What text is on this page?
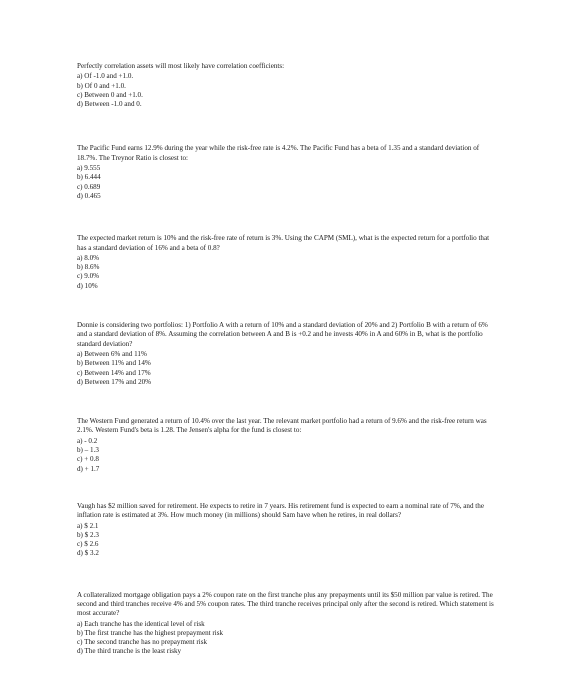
Perfectly correlation assets will most likely have correlation coefficients:

a) Of -1.0 and +1.0.
b) Of 0 and +1.0.
c) Between 0 and +1.0.
d) Between -1.0 and 0.

The Pacific Fund earns 12.9% during the year while the risk-free rate is 4.2%. The Pacific Fund has a beta of 1.35 and a standard deviation of 18.7%. The Treynor Ratio is closest to:

a) 9.555
b) 6.444
c) 0.689
d) 0.465

The expected market return is 10% and the risk-free rate of return is 3%. Using the CAPM (SML), what is the expected return for a portfolio that has a standard deviation of 16% and a beta of 0.8?

a) 8.0%
b) 8.6%
c) 9.0%
d) 10%

Donnie is considering two portfolios: 1) Portfolio A with a return of 10% and a standard deviation of 20% and 2) Portfolio B with a return of 6% and a standard deviation of 8%. Assuming the correlation between A and B is +0.2 and he invests 40% in A and 60% in B, what is the portfolio standard deviation?

a) Between 6% and 11%
b) Between 11% and 14%
c) Between 14% and 17%
d) Between 17% and 20%

The Western Fund generated a return of 10.4% over the last year. The relevant market portfolio had a return of 9.6% and the risk-free return was 2.1%. Western Fund's beta is 1.28. The Jensen's alpha for the fund is closest to:

a) - 0.2
b) – 1.3
c) + 0.8
d) + 1.7

Vaugh has $2 million saved for retirement. He expects to retire in 7 years. His retirement fund is expected to earn a nominal rate of 7%, and the inflation rate is estimated at 3%. How much money (in millions) should Sam have when he retires, in real dollars?

a) $ 2.1
b) $ 2.3
c) $ 2.6
d) $ 3.2

A collateralized mortgage obligation pays a 2% coupon rate on the first tranche plus any prepayments until its $50 million par value is retired. The second and third tranches receive 4% and 5% coupon rates. The third tranche receives principal only after the second is retired. Which statement is most accurate?

a) Each tranche has the identical level of risk
b) The first tranche has the highest prepayment risk
c) The second tranche has no prepayment risk
d) The third tranche is the least risky
